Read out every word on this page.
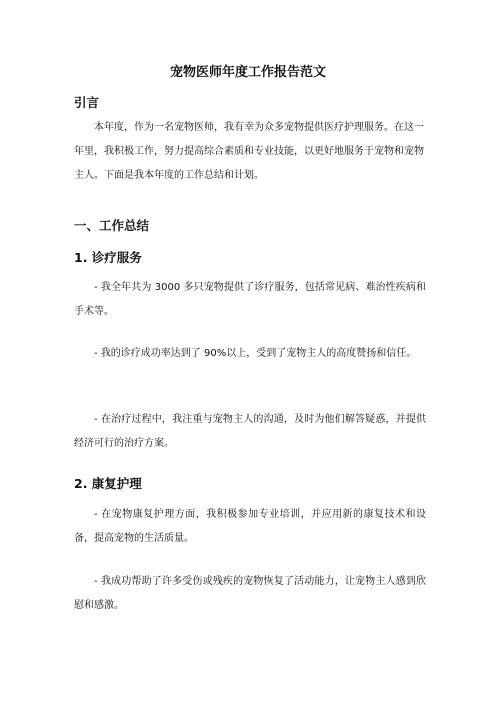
宠物医师年度工作报告范文
引言
本年度，作为一名宠物医师，我有幸为众多宠物提供医疗护理服务。在这一年里，我积极工作，努力提高综合素质和专业技能，以更好地服务于宠物和宠物主人。下面是我本年度的工作总结和计划。
一、工作总结
1. 诊疗服务
- 我全年共为 3000 多只宠物提供了诊疗服务，包括常见病、难治性疾病和手术等。
- 我的诊疗成功率达到了 90%以上，受到了宠物主人的高度赞扬和信任。
- 在治疗过程中，我注重与宠物主人的沟通，及时为他们解答疑惑，并提供经济可行的治疗方案。
2. 康复护理
- 在宠物康复护理方面，我积极参加专业培训，并应用新的康复技术和设备，提高宠物的生活质量。
- 我成功帮助了许多受伤或残疾的宠物恢复了活动能力，让宠物主人感到欣慰和感激。
